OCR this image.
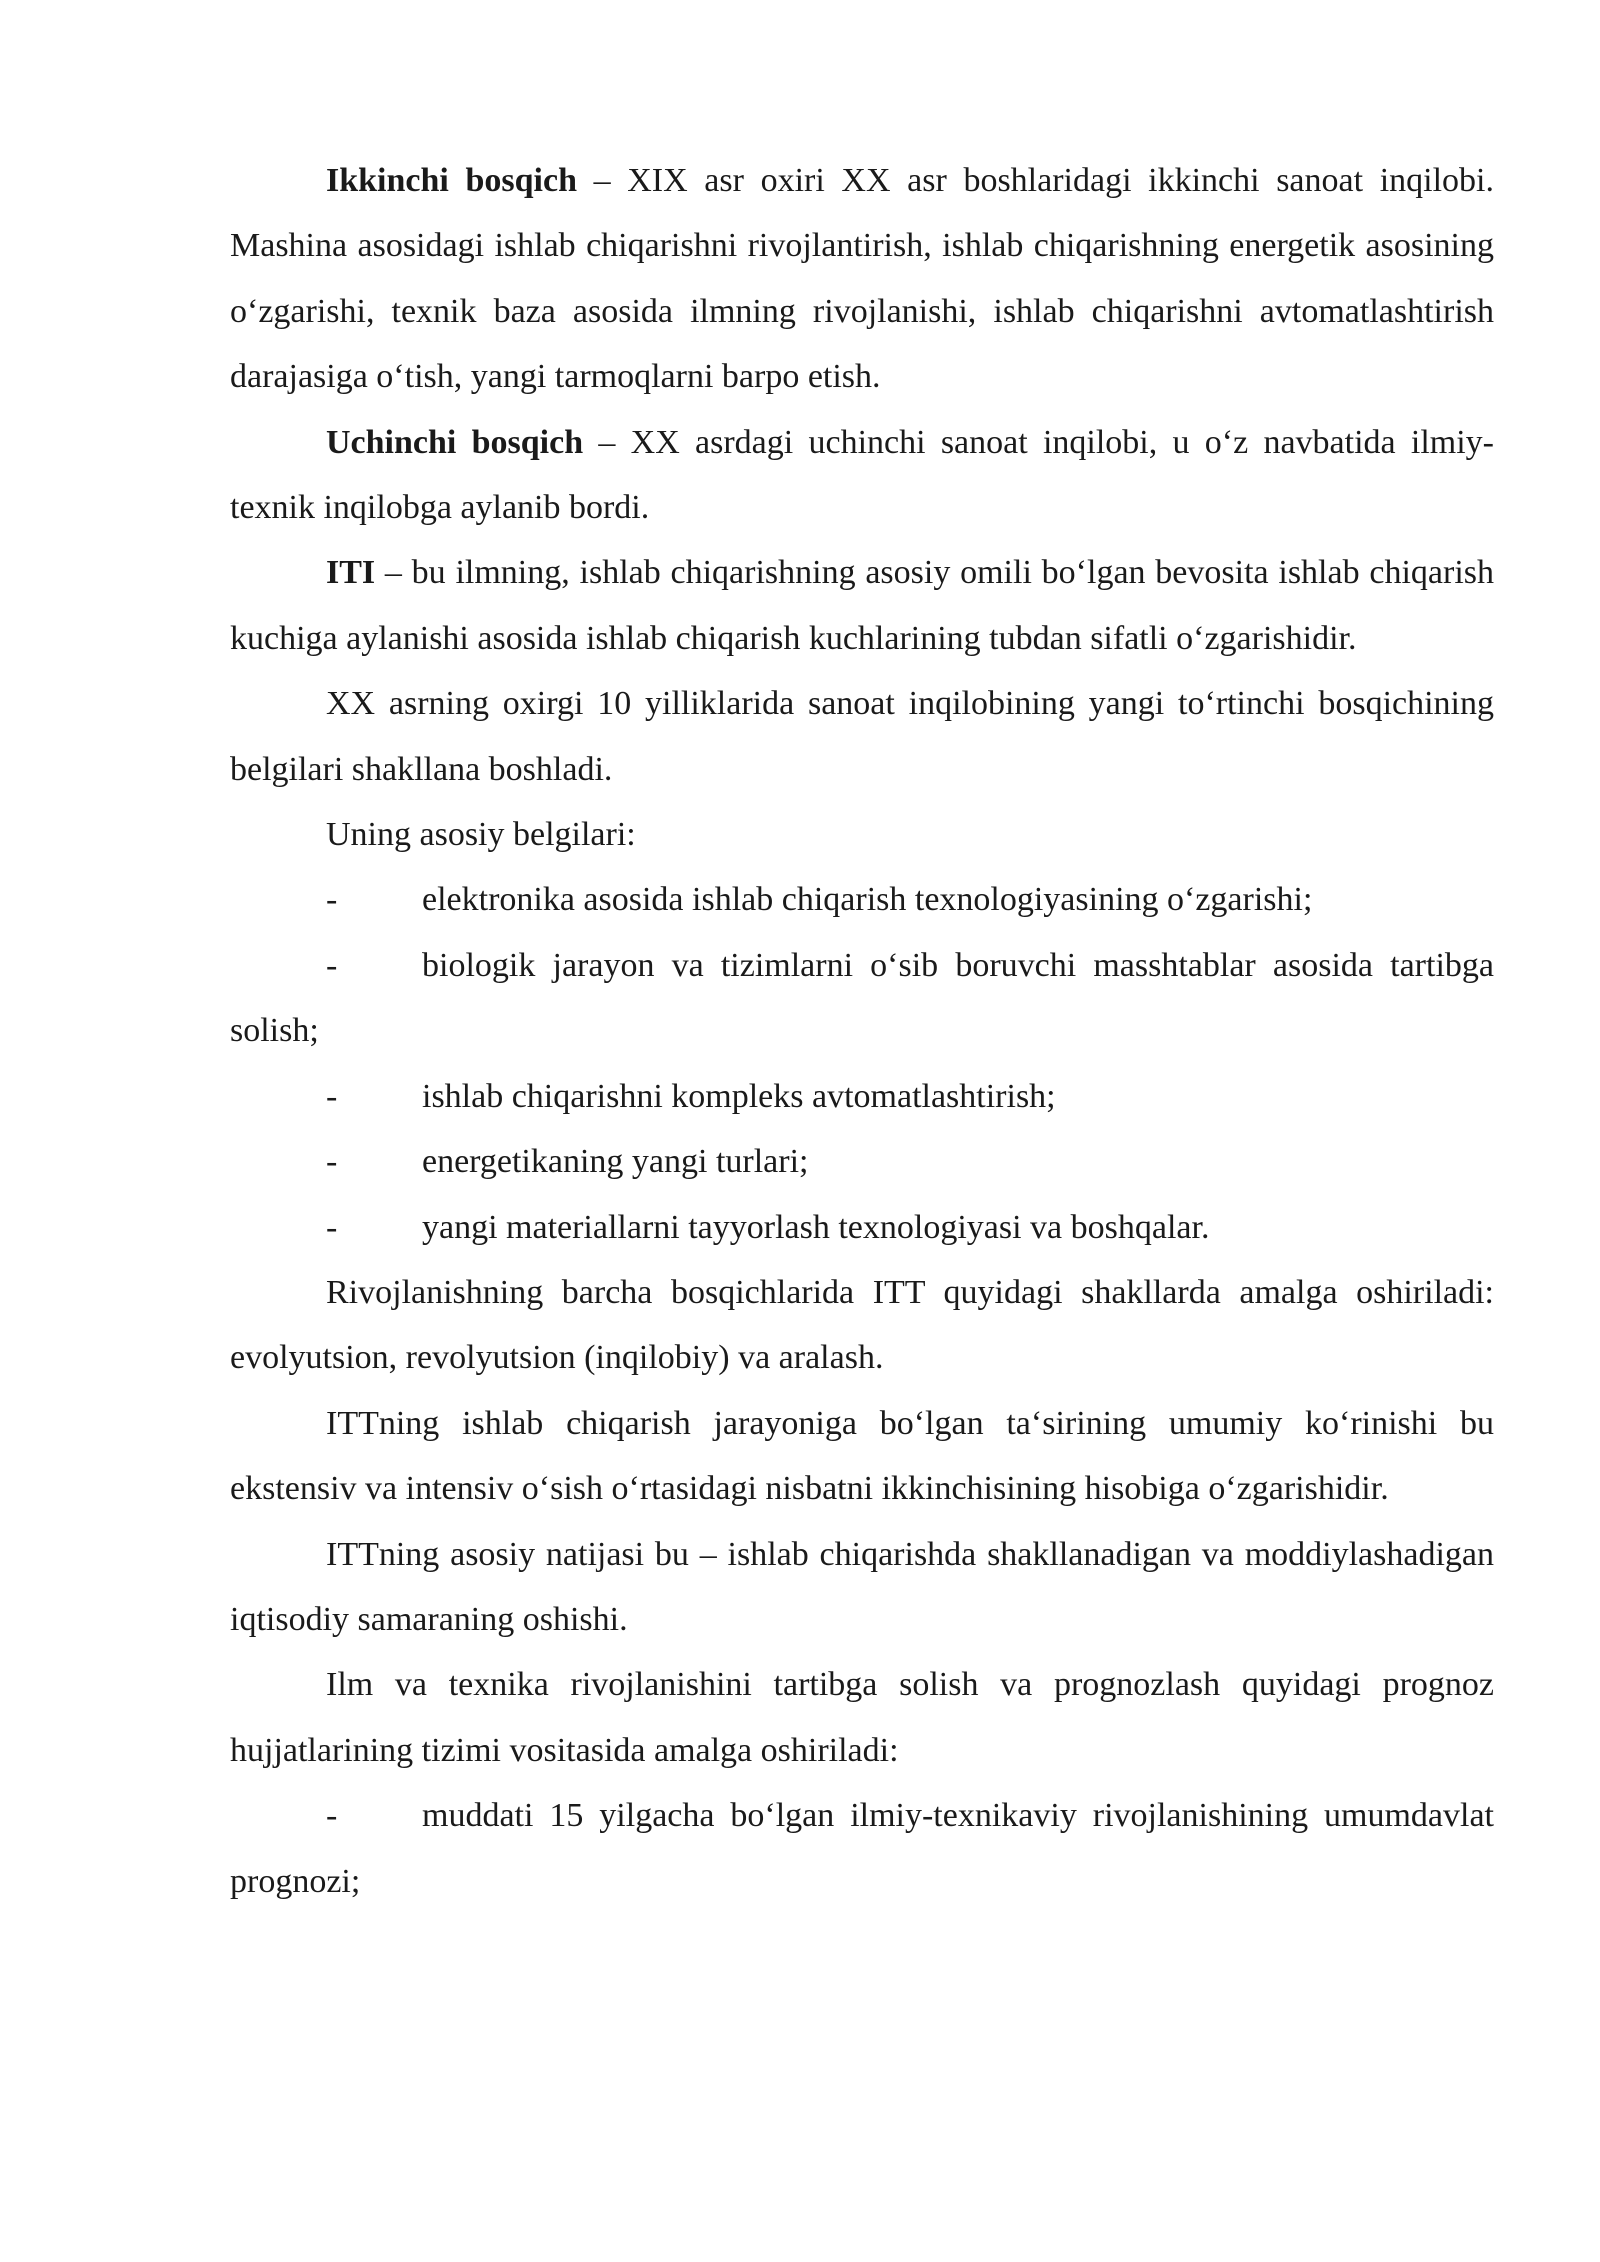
Ikkinchi bosqich – XIX asr oxiri XX asr boshlaridagi ikkinchi sanoat inqilobi. Mashina asosidagi ishlab chiqarishni rivojlantirish, ishlab chiqarishning energetik asosining o‘zgarishi, texnik baza asosida ilmning rivojlanishi, ishlab chiqarishni avtomatlashtirish darajasiga o‘tish, yangi tarmoqlarni barpo etish.

Uchinchi bosqich – XX asrdagi uchinchi sanoat inqilobi, u o‘z navbatida ilmiy-texnik inqilobga aylanib bordi.

ITI – bu ilmning, ishlab chiqarishning asosiy omili bo‘lgan bevosita ishlab chiqarish kuchiga aylanishi asosida ishlab chiqarish kuchlarining tubdan sifatli o‘zgarishidir.

XX asrning oxirgi 10 yilliklarida sanoat inqilobining yangi to‘rtinchi bosqichining belgilari shakllana boshladi.

Uning asosiy belgilari:

- elektronika asosida ishlab chiqarish texnologiyasining o‘zgarishi;

- biologik jarayon va tizimlarni o‘sib boruvchi masshtablar asosida tartibga solish;

- ishlab chiqarishni kompleks avtomatlashtirish;

- energetikaning yangi turlari;

- yangi materiallarni tayyorlash texnologiyasi va boshqalar.

Rivojlanishning barcha bosqichlarida ITT quyidagi shakllarda amalga oshiriladi: evolyutsion, revolyutsion (inqilobiy) va aralash.

ITTning ishlab chiqarish jarayoniga bo‘lgan ta‘sirining umumiy ko‘rinishi bu ekstensiv va intensiv o‘sish o‘rtasidagi nisbatni ikkinchisining hisobiga o‘zgarishidir.

ITTning asosiy natijasi bu – ishlab chiqarishda shakllanadigan va moddiylashadigan iqtisodiy samaraning oshishi.

Ilm va texnika rivojlanishini tartibga solish va prognozlash quyidagi prognoz hujjatlarining tizimi vositasida amalga oshiriladi:

- muddati 15 yilgacha bo‘lgan ilmiy-texnikaviy rivojlanishining umumdavlat prognozi;
